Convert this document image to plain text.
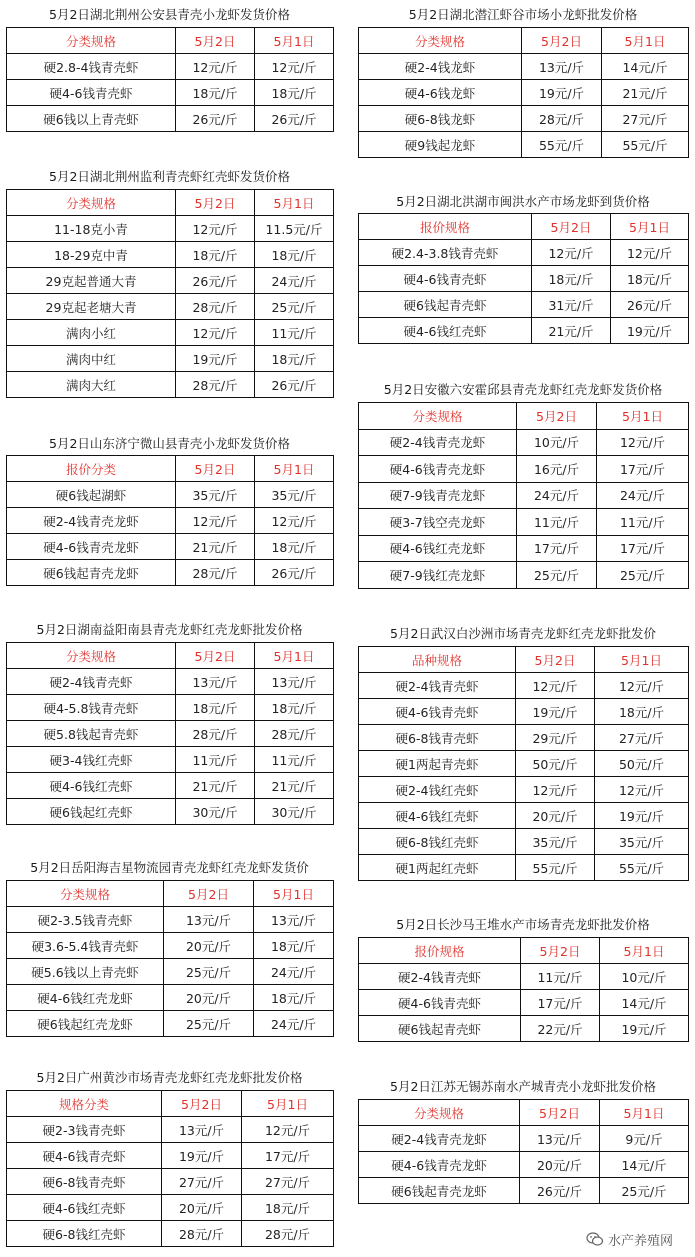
5月2日湖北荆州公安县青壳小龙虾发货价格
分类规格	5月2日	5月1日
硬2.8-4钱青壳虾	12元/斤	12元/斤
硬4-6钱青壳虾	18元/斤	18元/斤
硬6钱以上青壳虾	26元/斤	26元/斤
5月2日湖北潜江虾谷市场小龙虾批发价格
分类规格	5月2日	5月1日
硬2-4钱龙虾	13元/斤	14元/斤
硬4-6钱龙虾	19元/斤	21元/斤
硬6-8钱龙虾	28元/斤	27元/斤
硬9钱起龙虾	55元/斤	55元/斤
5月2日湖北荆州监利青壳虾红壳虾发货价格
分类规格	5月2日	5月1日
11-18克小青	12元/斤	11.5元/斤
18-29克中青	18元/斤	18元/斤
29克起普通大青	26元/斤	24元/斤
29克起老塘大青	28元/斤	25元/斤
满肉小红	12元/斤	11元/斤
满肉中红	19元/斤	18元/斤
满肉大红	28元/斤	26元/斤
5月2日湖北洪湖市闽洪水产市场龙虾到货价格
报价规格	5月2日	5月1日
硬2.4-3.8钱青壳虾	12元/斤	12元/斤
硬4-6钱青壳虾	18元/斤	18元/斤
硬6钱起青壳虾	31元/斤	26元/斤
硬4-6钱红壳虾	21元/斤	19元/斤
5月2日安徽六安霍邱县青壳龙虾红壳龙虾发货价格
分类规格	5月2日	5月1日
硬2-4钱青壳龙虾	10元/斤	12元/斤
硬4-6钱青壳龙虾	16元/斤	17元/斤
硬7-9钱青壳龙虾	24元/斤	24元/斤
硬3-7钱空壳龙虾	11元/斤	11元/斤
硬4-6钱红壳龙虾	17元/斤	17元/斤
硬7-9钱红壳龙虾	25元/斤	25元/斤
5月2日山东济宁微山县青壳小龙虾发货价格
报价分类	5月2日	5月1日
硬6钱起湖虾	35元/斤	35元/斤
硬2-4钱青壳龙虾	12元/斤	12元/斤
硬4-6钱青壳龙虾	21元/斤	18元/斤
硬6钱起青壳龙虾	28元/斤	26元/斤
5月2日湖南益阳南县青壳龙虾红壳龙虾批发价格
分类规格	5月2日	5月1日
硬2-4钱青壳虾	13元/斤	13元/斤
硬4-5.8钱青壳虾	18元/斤	18元/斤
硬5.8钱起青壳虾	28元/斤	28元/斤
硬3-4钱红壳虾	11元/斤	11元/斤
硬4-6钱红壳虾	21元/斤	21元/斤
硬6钱起红壳虾	30元/斤	30元/斤
5月2日武汉白沙洲市场青壳龙虾红壳龙虾批发价
品种规格	5月2日	5月1日
硬2-4钱青壳虾	12元/斤	12元/斤
硬4-6钱青壳虾	19元/斤	18元/斤
硬6-8钱青壳虾	29元/斤	27元/斤
硬1两起青壳虾	50元/斤	50元/斤
硬2-4钱红壳虾	12元/斤	12元/斤
硬4-6钱红壳虾	20元/斤	19元/斤
硬6-8钱红壳虾	35元/斤	35元/斤
硬1两起红壳虾	55元/斤	55元/斤
5月2日岳阳海吉星物流园青壳龙虾红壳龙虾发货价
分类规格	5月2日	5月1日
硬2-3.5钱青壳虾	13元/斤	13元/斤
硬3.6-5.4钱青壳虾	20元/斤	18元/斤
硬5.6钱以上青壳虾	25元/斤	24元/斤
硬4-6钱红壳龙虾	20元/斤	18元/斤
硬6钱起红壳龙虾	25元/斤	24元/斤
5月2日长沙马王堆水产市场青壳龙虾批发价格
报价规格	5月2日	5月1日
硬2-4钱青壳虾	11元/斤	10元/斤
硬4-6钱青壳虾	17元/斤	14元/斤
硬6钱起青壳虾	22元/斤	19元/斤
5月2日广州黄沙市场青壳龙虾红壳龙虾批发价格
规格分类	5月2日	5月1日
硬2-3钱青壳虾	13元/斤	12元/斤
硬4-6钱青壳虾	19元/斤	17元/斤
硬6-8钱青壳虾	27元/斤	27元/斤
硬4-6钱红壳虾	20元/斤	18元/斤
硬6-8钱红壳虾	28元/斤	28元/斤
5月2日江苏无锡苏南水产城青壳小龙虾批发价格
分类规格	5月2日	5月1日
硬2-4钱青壳龙虾	13元/斤	9元/斤
硬4-6钱青壳龙虾	20元/斤	14元/斤
硬6钱起青壳龙虾	26元/斤	25元/斤
水产养殖网
